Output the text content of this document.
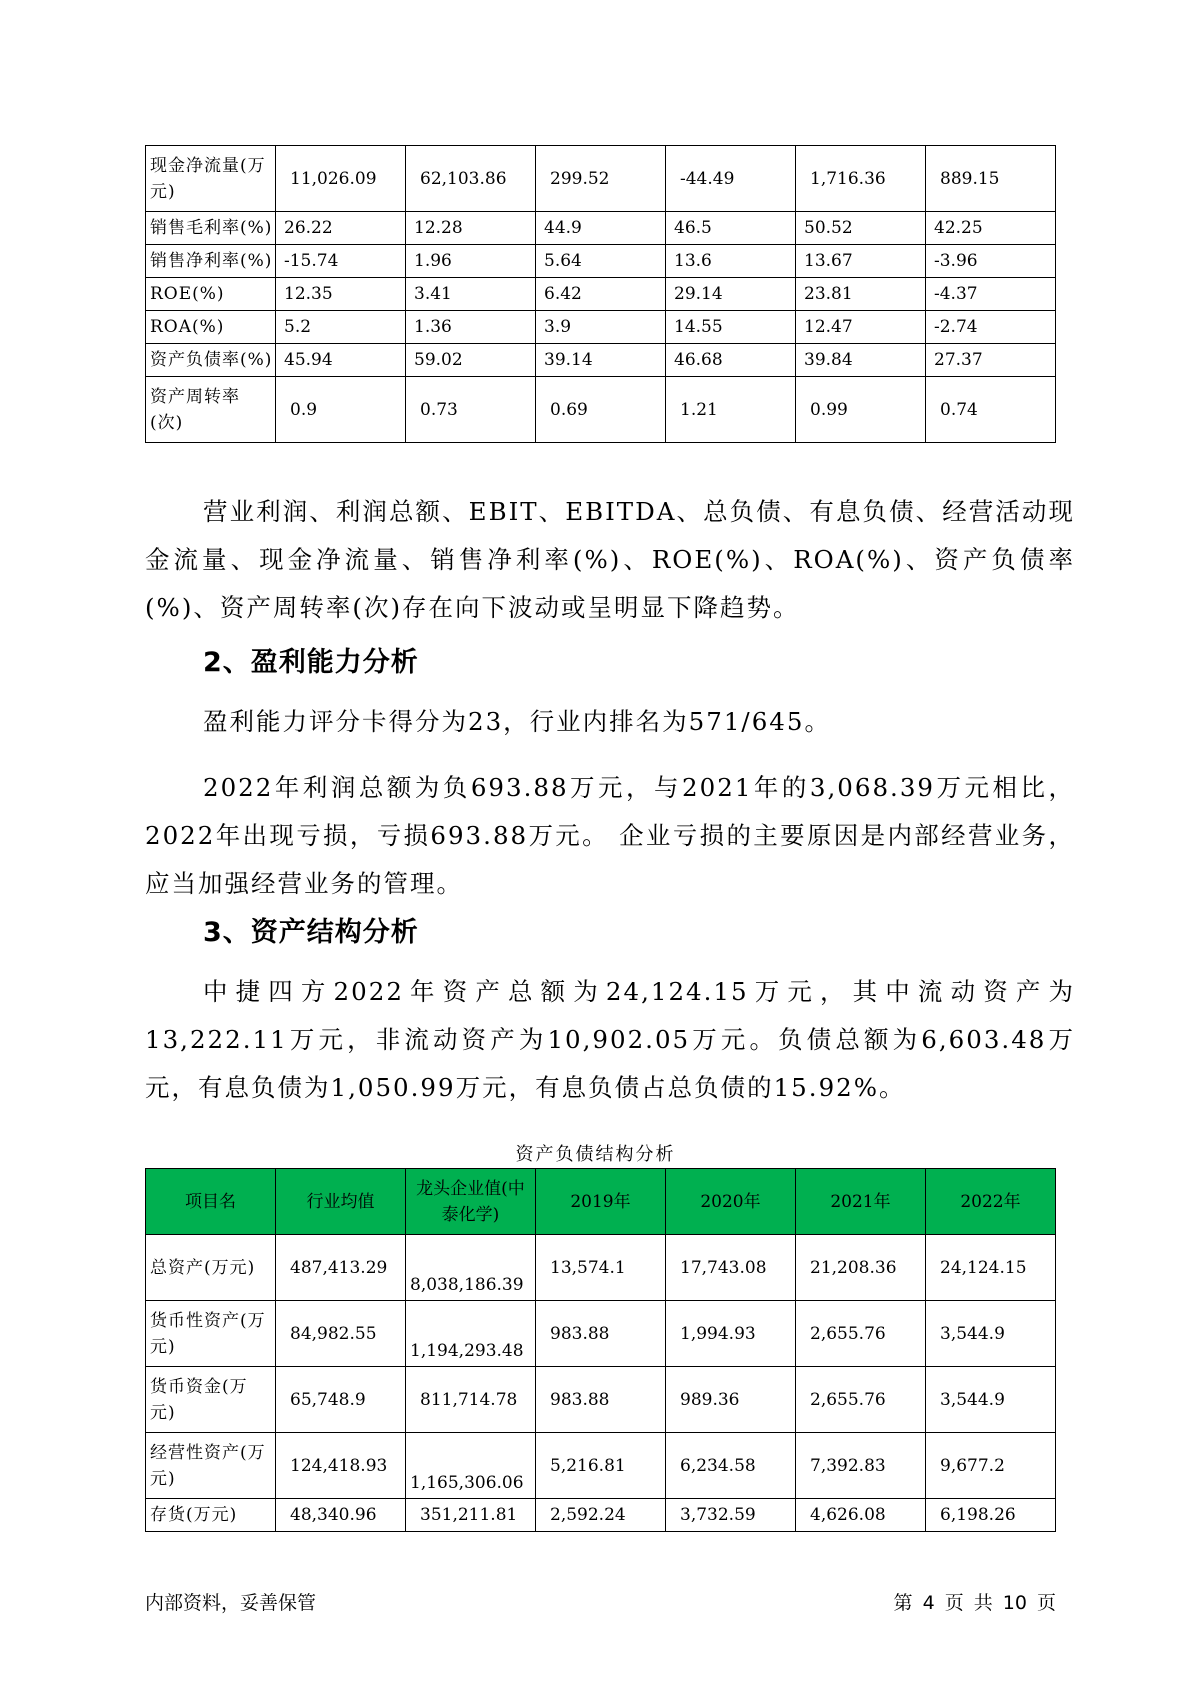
现金净流量(万元)	11,026.09	62,103.86	299.52	-44.49	1,716.36	889.15
销售毛利率(%)	26.22	12.28	44.9	46.5	50.52	42.25
销售净利率(%)	-15.74	1.96	5.64	13.6	13.67	-3.96
ROE(%)	12.35	3.41	6.42	29.14	23.81	-4.37
ROA(%)	5.2	1.36	3.9	14.55	12.47	-2.74
资产负债率(%)	45.94	59.02	39.14	46.68	39.84	27.37
资产周转率(次)	0.9	0.73	0.69	1.21	0.99	0.74

营业利润、利润总额、EBIT、EBITDA、总负债、有息负债、经营活动现金流量、现金净流量、销售净利率(%)、ROE(%)、ROA(%)、资产负债率(%)、资产周转率(次)存在向下波动或呈明显下降趋势。

2、盈利能力分析

盈利能力评分卡得分为23，行业内排名为571/645。

2022年利润总额为负693.88万元，与2021年的3,068.39万元相比，2022年出现亏损，亏损693.88万元。 企业亏损的主要原因是内部经营业务，应当加强经营业务的管理。

3、资产结构分析

中捷四方2022年资产总额为24,124.15万元，其中流动资产为13,222.11万元，非流动资产为10,902.05万元。负债总额为6,603.48万元，有息负债为1,050.99万元，有息负债占总负债的15.92%。

资产负债结构分析
项目名	行业均值	龙头企业值(中泰化学)	2019年	2020年	2021年	2022年
总资产(万元)	487,413.29	8,038,186.39	13,574.1	17,743.08	21,208.36	24,124.15
货币性资产(万元)	84,982.55	1,194,293.48	983.88	1,994.93	2,655.76	3,544.9
货币资金(万元)	65,748.9	811,714.78	983.88	989.36	2,655.76	3,544.9
经营性资产(万元)	124,418.93	1,165,306.06	5,216.81	6,234.58	7,392.83	9,677.2
存货(万元)	48,340.96	351,211.81	2,592.24	3,732.59	4,626.08	6,198.26
内部资料，妥善保管	第 4 页 共 10 页
